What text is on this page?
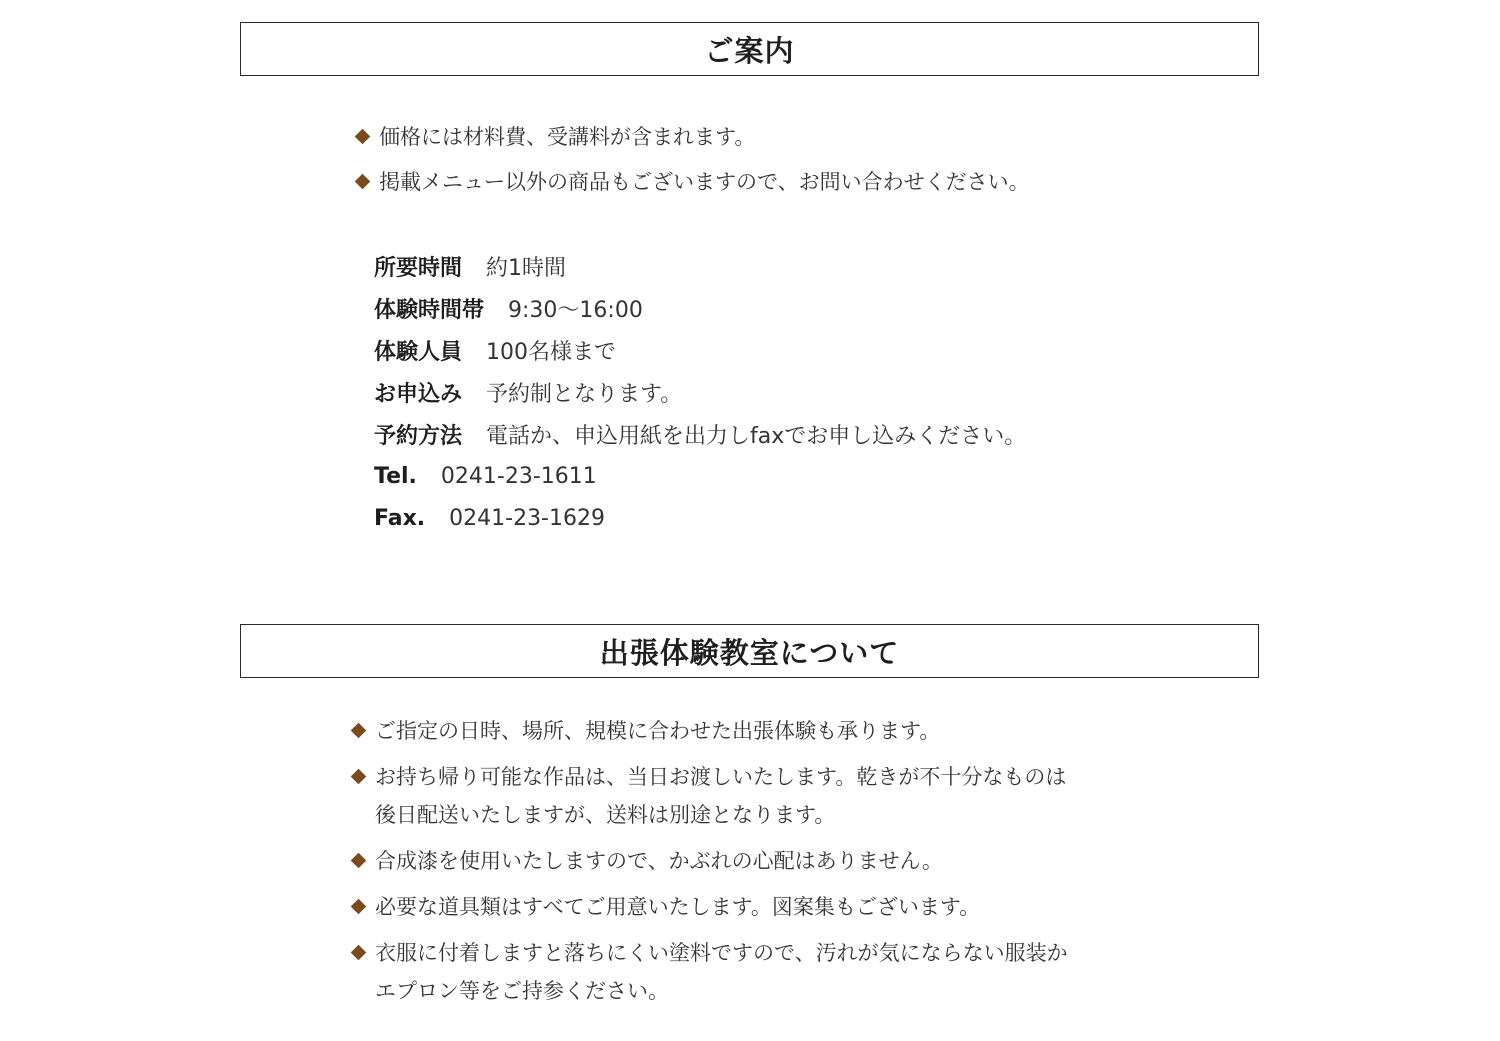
ご案内
価格には材料費、受講料が含まれます。
掲載メニュー以外の商品もございますので、お問い合わせください。
所要時間	約1時間
体験時間帯	9:30～16:00
体験人員	100名様まで
お申込み	予約制となります。
予約方法	電話か、申込用紙を出力しfaxでお申し込みください。
Tel.	0241-23-1611
Fax.	0241-23-1629
出張体験教室について
ご指定の日時、場所、規模に合わせた出張体験も承ります。
お持ち帰り可能な作品は、当日お渡しいたします。乾きが不十分なものは
後日配送いたしますが、送料は別途となります。
合成漆を使用いたしますので、かぶれの心配はありません。
必要な道具類はすべてご用意いたします。図案集もございます。
衣服に付着しますと落ちにくい塗料ですので、汚れが気にならない服装か
エプロン等をご持参ください。
